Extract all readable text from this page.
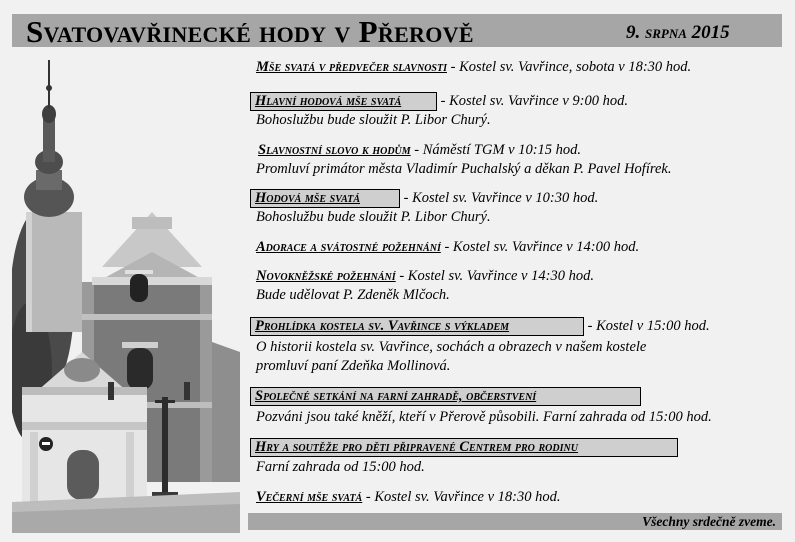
Svatovavřinecké hody v Přerově	9. srpna 2015

Mše svatá v předvečer slavnosti - Kostel sv. Vavřince, sobota v 18:30 hod.

Hlavní hodová mše svatá - Kostel sv. Vavřince v 9:00 hod.

Bohoslužbu bude sloužit P. Libor Churý.

Slavnostní slovo k hodům - Náměstí TGM v 10:15 hod.

Promluví primátor města Vladimír Puchalský a děkan P. Pavel Hofírek.

Hodová mše svatá	- Kostel sv. Vavřince v 10:30 hod.

Bohoslužbu bude sloužit P. Libor Churý.

Adorace a svátostné požehnání - Kostel sv. Vavřince v 14:00 hod.

Novokněžské požehnání - Kostel sv. Vavřince v 14:30 hod.

Bude udělovat P. Zdeněk Mlčoch.

Prohlídka kostela sv. Vavřince s výkladem	- Kostel v 15:00 hod.

O historii kostela sv. Vavřince, sochách a obrazech v našem kostele

promluví paní Zdeňka Mollinová.

Společné setkání na farní zahradě, občerstvení

Pozváni jsou také kněží, kteří v Přerově působili. Farní zahrada od 15:00 hod.

Hry a soutěže pro děti připravené Centrem pro rodinu

Farní zahrada od 15:00 hod.

Večerní mše svatá - Kostel sv. Vavřince v 18:30 hod.

Všechny srdečně zveme.
